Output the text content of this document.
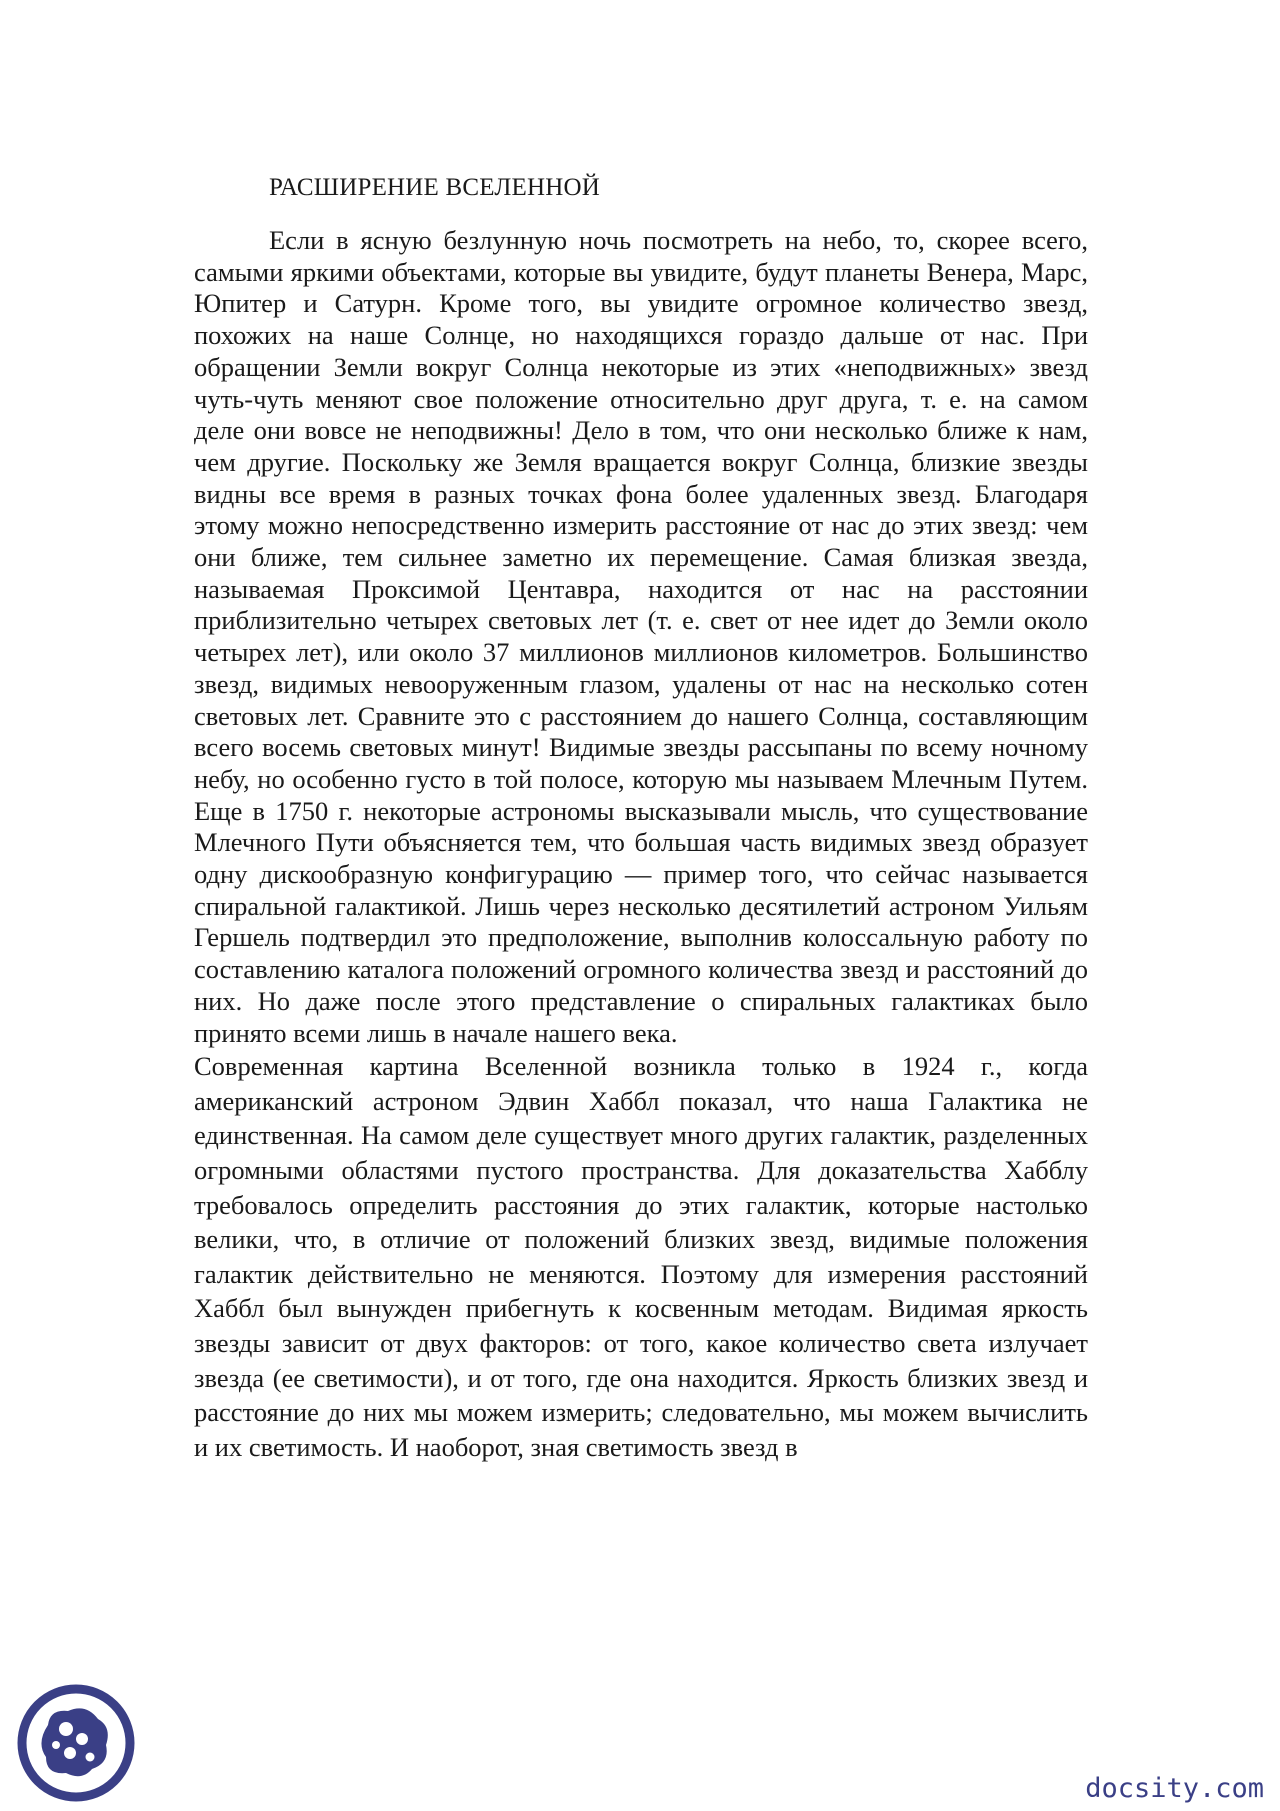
РАСШИРЕНИЕ ВСЕЛЕННОЙ

Если в ясную безлунную ночь посмотреть на небо, то, скорее всего, самыми яркими объектами, которые вы увидите, будут планеты Венера, Марс, Юпитер и Сатурн. Кроме того, вы увидите огромное количество звезд, похожих на наше Солнце, но находящихся гораздо дальше от нас. При обращении Земли вокруг Солнца некоторые из этих «неподвижных» звезд чуть-чуть меняют свое положение относительно друг друга, т. е. на самом деле они вовсе не неподвижны! Дело в том, что они несколько ближе к нам, чем другие. Поскольку же Земля вращается вокруг Солнца, близкие звезды видны все время в разных точках фона более удаленных звезд. Благодаря этому можно непосредственно измерить расстояние от нас до этих звезд: чем они ближе, тем сильнее заметно их перемещение. Самая близкая звезда, называемая Проксимой Центавра, находится от нас на расстоянии приблизительно четырех световых лет (т. е. свет от нее идет до Земли около четырех лет), или около 37 миллионов миллионов километров. Большинство звезд, видимых невооруженным глазом, удалены от нас на несколько сотен световых лет. Сравните это с расстоянием до нашего Солнца, составляющим всего восемь световых минут! Видимые звезды рассыпаны по всему ночному небу, но особенно густо в той полосе, которую мы называем Млечным Путем. Еще в 1750 г. некоторые астрономы высказывали мысль, что существование Млечного Пути объясняется тем, что большая часть видимых звезд образует одну дискообразную конфигурацию — пример того, что сейчас называется спиральной галактикой. Лишь через несколько десятилетий астроном Уильям Гершель подтвердил это предположение, выполнив колоссальную работу по составлению каталога положений огромного количества звезд и расстояний до них. Но даже после этого представление о спиральных галактиках было принято всеми лишь в начале нашего века.

Современная картина Вселенной возникла только в 1924 г., когда американский астроном Эдвин Хаббл показал, что наша Галактика не единственная. На самом деле существует много других галактик, разделенных огромными областями пустого пространства. Для доказательства Хабблу требовалось определить расстояния до этих галактик, которые настолько велики, что, в отличие от положений близких звезд, видимые положения галактик действительно не меняются. Поэтому для измерения расстояний Хаббл был вынужден прибегнуть к косвенным методам. Видимая яркость звезды зависит от двух факторов: от того, какое количество света излучает звезда (ее светимости), и от того, где она находится. Яркость близких звезд и расстояние до них мы можем измерить; следовательно, мы можем вычислить и их светимость. И наоборот, зная светимость звезд в

docsity.com
